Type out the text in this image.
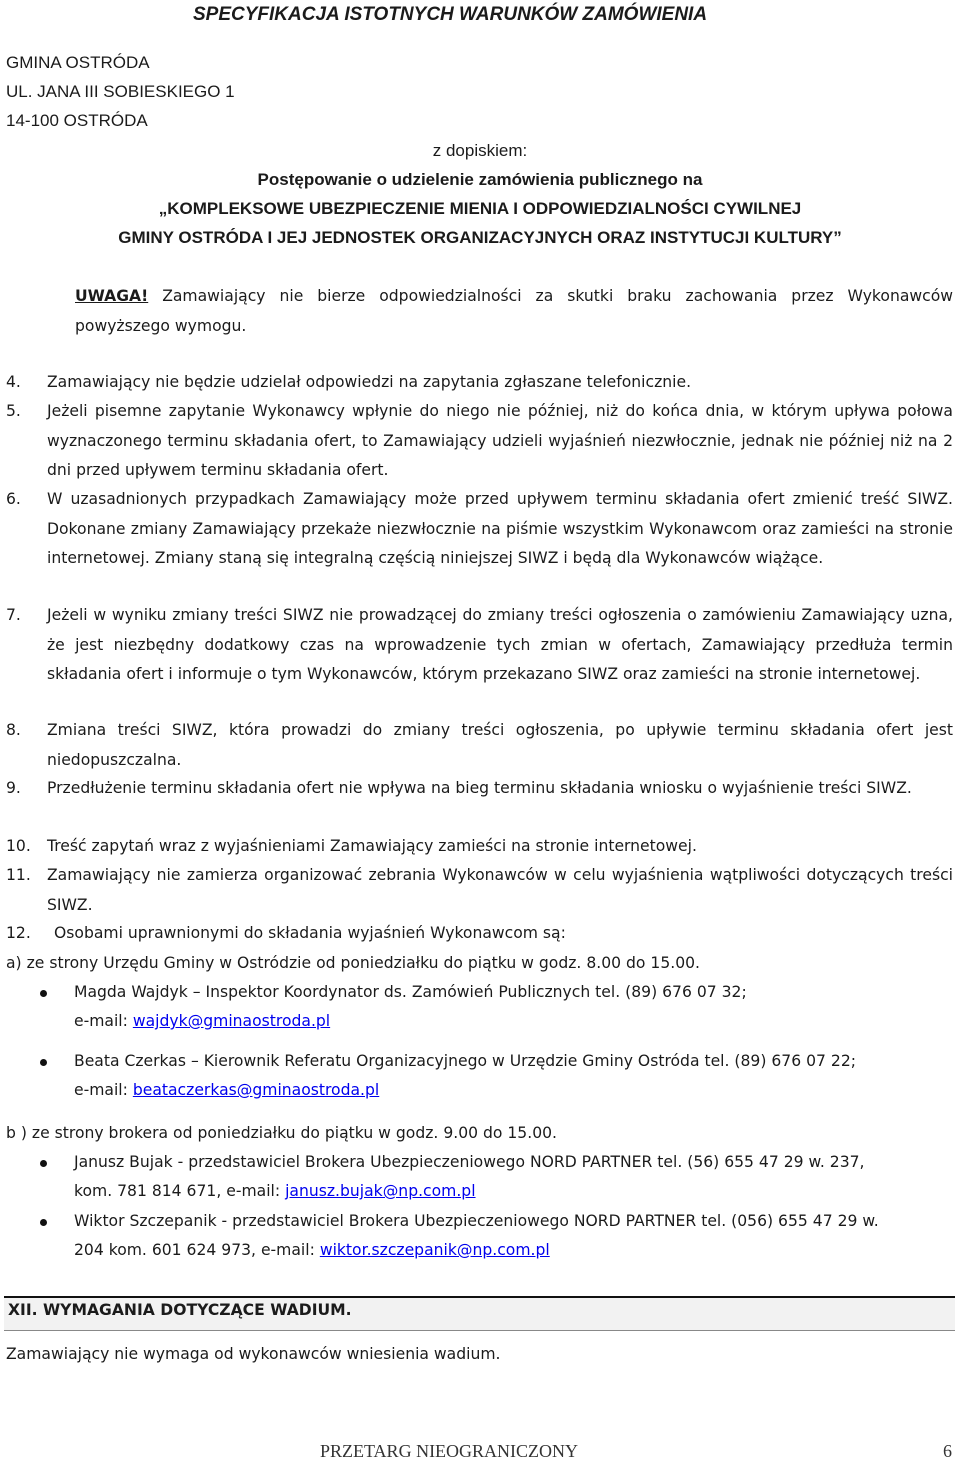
SPECYFIKACJA ISTOTNYCH WARUNKÓW ZAMÓWIENIA
GMINA OSTRÓDA
UL. JANA III SOBIESKIEGO 1
14-100 OSTRÓDA
z dopiskiem:
Postępowanie o udzielenie zamówienia publicznego na
„KOMPLEKSOWE UBEZPIECZENIE MIENIA I ODPOWIEDZIALNOŚCI CYWILNEJ
GMINY OSTRÓDA I JEJ JEDNOSTEK ORGANIZACYJNYCH ORAZ INSTYTUCJI KULTURY”
UWAGA! Zamawiający nie bierze odpowiedzialności za skutki braku zachowania przez Wykonawców powyższego wymogu.
4. Zamawiający nie będzie udzielał odpowiedzi na zapytania zgłaszane telefonicznie.
5. Jeżeli pisemne zapytanie Wykonawcy wpłynie do niego nie później, niż do końca dnia, w którym upływa połowa wyznaczonego terminu składania ofert, to Zamawiający udzieli wyjaśnień niezwłocznie, jednak nie później niż na 2 dni przed upływem terminu składania ofert.
6. W uzasadnionych przypadkach Zamawiający może przed upływem terminu składania ofert zmienić treść SIWZ. Dokonane zmiany Zamawiający przekaże niezwłocznie na piśmie wszystkim Wykonawcom oraz zamieści na stronie internetowej. Zmiany staną się integralną częścią niniejszej SIWZ i będą dla Wykonawców wiążące.
7. Jeżeli w wyniku zmiany treści SIWZ nie prowadzącej do zmiany treści ogłoszenia o zamówieniu Zamawiający uzna, że jest niezbędny dodatkowy czas na wprowadzenie tych zmian w ofertach, Zamawiający przedłuża termin składania ofert i informuje o tym Wykonawców, którym przekazano SIWZ oraz zamieści na stronie internetowej.
8. Zmiana treści SIWZ, która prowadzi do zmiany treści ogłoszenia, po upływie terminu składania ofert jest niedopuszczalna.
9. Przedłużenie terminu składania ofert nie wpływa na bieg terminu składania wniosku o wyjaśnienie treści SIWZ.
10. Treść zapytań wraz z wyjaśnieniami Zamawiający zamieści na stronie internetowej.
11. Zamawiający nie zamierza organizować zebrania Wykonawców w celu wyjaśnienia wątpliwości dotyczących treści SIWZ.
12. Osobami uprawnionymi do składania wyjaśnień Wykonawcom są:
a) ze strony Urzędu Gminy w Ostródzie od poniedziałku do piątku w godz. 8.00 do 15.00.
Magda Wajdyk – Inspektor Koordynator ds. Zamówień Publicznych tel. (89) 676 07 32;
e-mail: wajdyk@gminaostroda.pl
Beata Czerkas – Kierownik Referatu Organizacyjnego w Urzędzie Gminy Ostróda tel. (89) 676 07 22;
e-mail: beataczerkas@gminaostroda.pl
b ) ze strony brokera od poniedziałku do piątku w godz. 9.00 do 15.00.
Janusz Bujak - przedstawiciel Brokera Ubezpieczeniowego NORD PARTNER tel. (56) 655 47 29 w. 237,
kom. 781 814 671, e-mail: janusz.bujak@np.com.pl
Wiktor Szczepanik - przedstawiciel Brokera Ubezpieczeniowego NORD PARTNER tel. (056) 655 47 29 w.
204 kom. 601 624 973, e-mail: wiktor.szczepanik@np.com.pl
XII. WYMAGANIA DOTYCZĄCE WADIUM.
Zamawiający nie wymaga od wykonawców wniesienia wadium.
PRZETARG NIEOGRANICZONY	6
